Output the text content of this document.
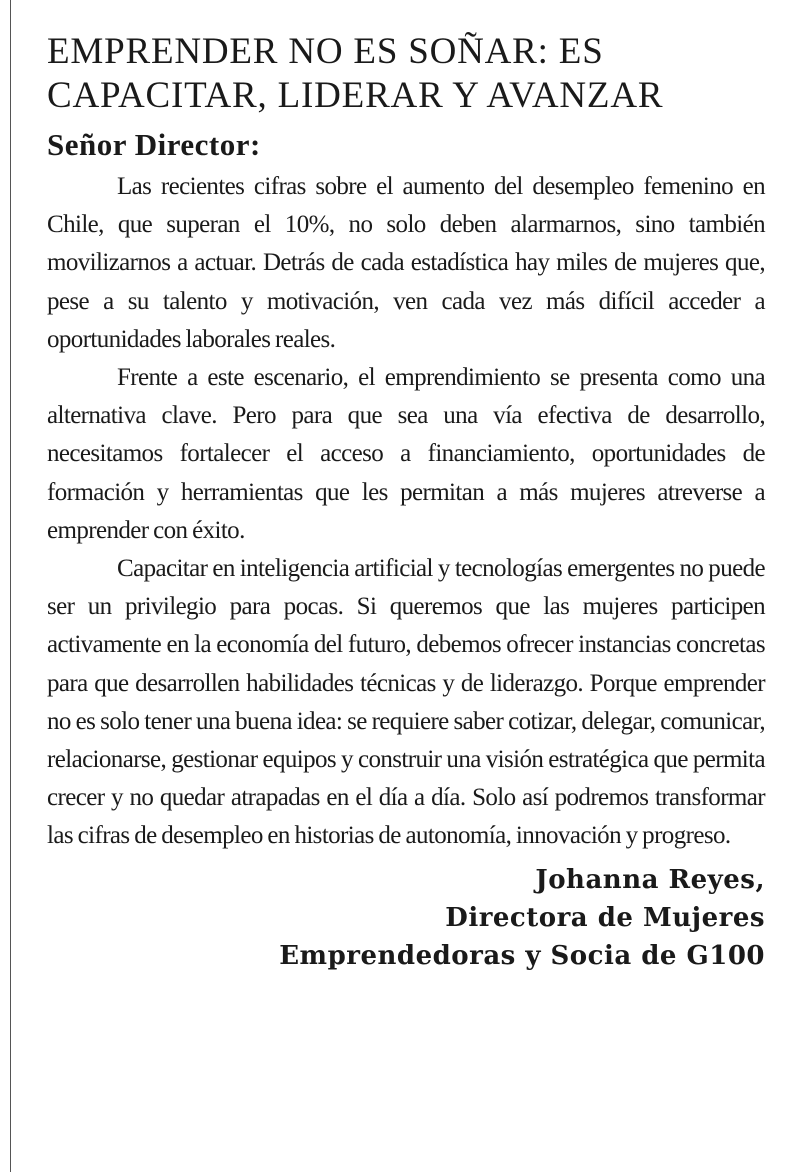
EMPRENDER NO ES SOÑAR: ES
CAPACITAR, LIDERAR Y AVANZAR
Señor Director:

Las recientes cifras sobre el aumento del desempleo femenino en Chile, que superan el 10%, no solo deben alarmarnos, sino también movilizarnos a actuar. Detrás de cada estadística hay miles de mujeres que, pese a su talento y motivación, ven cada vez más difícil acceder a oportunidades laborales reales.

Frente a este escenario, el emprendimiento se presenta como una alternativa clave. Pero para que sea una vía efectiva de desarrollo, necesitamos fortalecer el acceso a financiamiento, oportunidades de formación y herramientas que les permitan a más mujeres atreverse a emprender con éxito.

Capacitar en inteligencia artificial y tecnologías emergentes no puede ser un privilegio para pocas. Si queremos que las mujeres participen activamente en la economía del futuro, debemos ofrecer instancias concretas para que desarrollen habilidades técnicas y de liderazgo. Porque emprender no es solo tener una buena idea: se requiere saber cotizar, delegar, comunicar, relacionarse, gestionar equipos y construir una visión estratégica que permita crecer y no quedar atrapadas en el día a día. Solo así podremos transformar las cifras de desempleo en historias de autonomía, innovación y progreso.

Johanna Reyes,
Directora de Mujeres
Emprendedoras y Socia de G100
